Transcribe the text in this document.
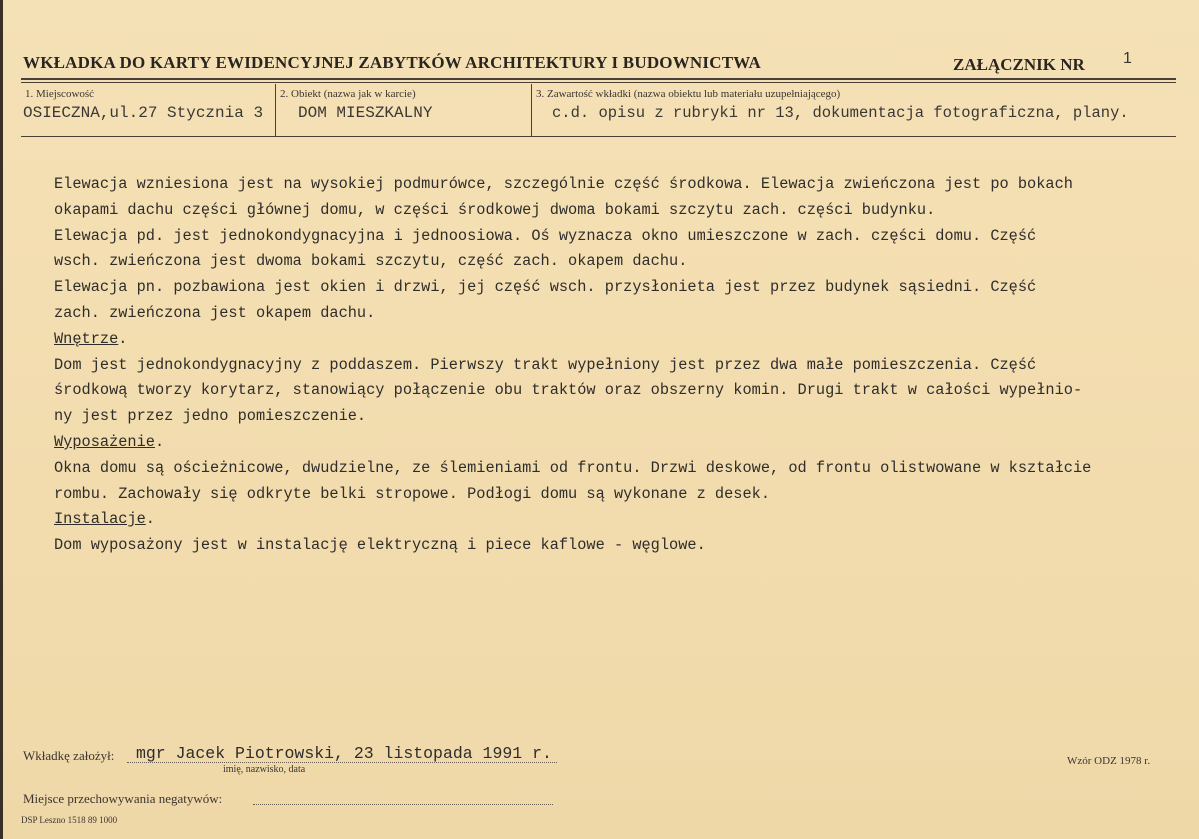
WKŁADKA DO KARTY EWIDENCYJNEJ ZABYTKÓW ARCHITEKTURY I BUDOWNICTWA	ZAŁĄCZNIK NR 1
1. Miejscowość
OSIECZNA,ul.27 Stycznia 3
2. Obiekt (nazwa jak w karcie)
DOM MIESZKALNY
3. Zawartość wkładki (nazwa obiektu lub materiału uzupełniającego)
c.d. opisu z rubryki nr 13, dokumentacja fotograficzna, plany.
Elewacja wzniesiona jest na wysokiej podmurówce, szczególnie część środkowa. Elewacja zwieńczona jest po bokach
okapami dachu części głównej domu, w części środkowej dwoma bokami szczytu zach. części budynku.
Elewacja pd. jest jednokondygnacyjna i jednoosiowa. Oś wyznacza okno umieszczone w zach. części domu. Część
wsch. zwieńczona jest dwoma bokami szczytu, część zach. okapem dachu.
Elewacja pn. pozbawiona jest okien i drzwi, jej część wsch. przysłonieta jest przez budynek sąsiedni. Część
zach. zwieńczona jest okapem dachu.
Wnętrze.
Dom jest jednokondygnacyjny z poddaszem. Pierwszy trakt wypełniony jest przez dwa małe pomieszczenia. Część
środkową tworzy korytarz, stanowiący połączenie obu traktów oraz obszerny komin. Drugi trakt w całości wypełnio-
ny jest przez jedno pomieszczenie.
Wyposażenie.
Okna domu są ościeżnicowe, dwudzielne, ze ślemieniami od frontu. Drzwi deskowe, od frontu olistwowane w kształcie
rombu. Zachowały się odkryte belki stropowe. Podłogi domu są wykonane z desek.
Instalacje.
Dom wyposażony jest w instalację elektryczną i piece kaflowe - węglowe.
Wkładkę założył: mgr Jacek Piotrowski, 23 listopada 1991 r.
imię, nazwisko, data
Wzór ODZ 1978 r.
Miejsce przechowywania negatywów:
DSP Leszno 1518 89 1000
